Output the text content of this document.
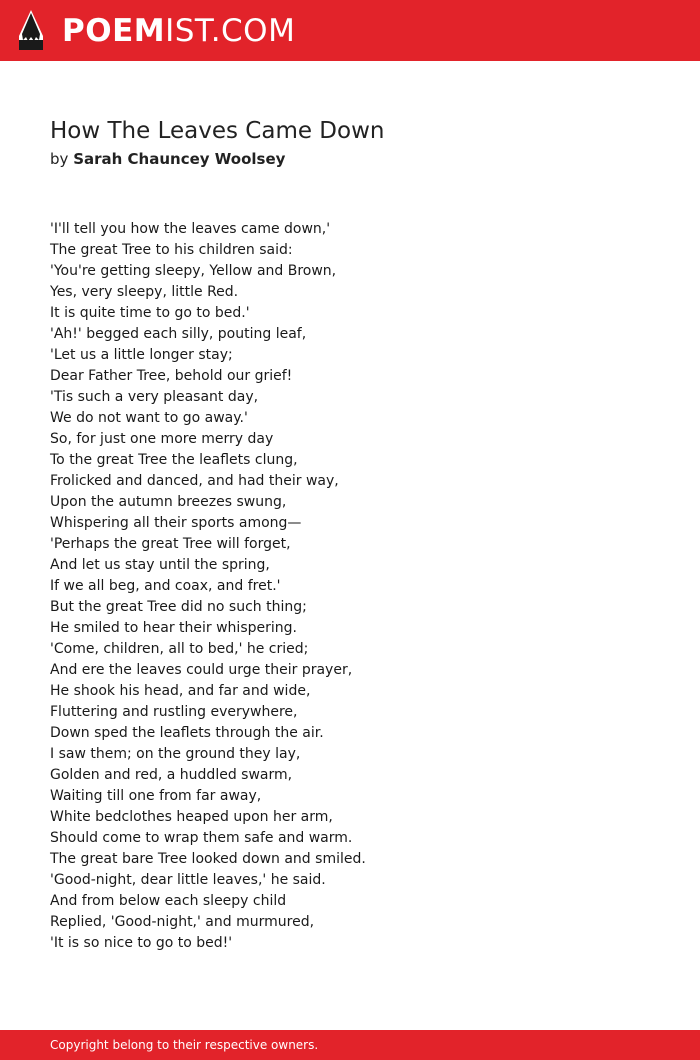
POEMIST.COM
How The Leaves Came Down
by Sarah Chauncey Woolsey
'I'll tell you how the leaves came down,'
The great Tree to his children said:
'You're getting sleepy, Yellow and Brown,
Yes, very sleepy, little Red.
It is quite time to go to bed.'
'Ah!' begged each silly, pouting leaf,
'Let us a little longer stay;
Dear Father Tree, behold our grief!
'Tis such a very pleasant day,
We do not want to go away.'
So, for just one more merry day
To the great Tree the leaflets clung,
Frolicked and danced, and had their way,
Upon the autumn breezes swung,
Whispering all their sports among—
'Perhaps the great Tree will forget,
And let us stay until the spring,
If we all beg, and coax, and fret.'
But the great Tree did no such thing;
He smiled to hear their whispering.
'Come, children, all to bed,' he cried;
And ere the leaves could urge their prayer,
He shook his head, and far and wide,
Fluttering and rustling everywhere,
Down sped the leaflets through the air.
I saw them; on the ground they lay,
Golden and red, a huddled swarm,
Waiting till one from far away,
White bedclothes heaped upon her arm,
Should come to wrap them safe and warm.
The great bare Tree looked down and smiled.
'Good-night, dear little leaves,' he said.
And from below each sleepy child
Replied, 'Good-night,' and murmured,
'It is so nice to go to bed!'
Copyright belong to their respective owners.
